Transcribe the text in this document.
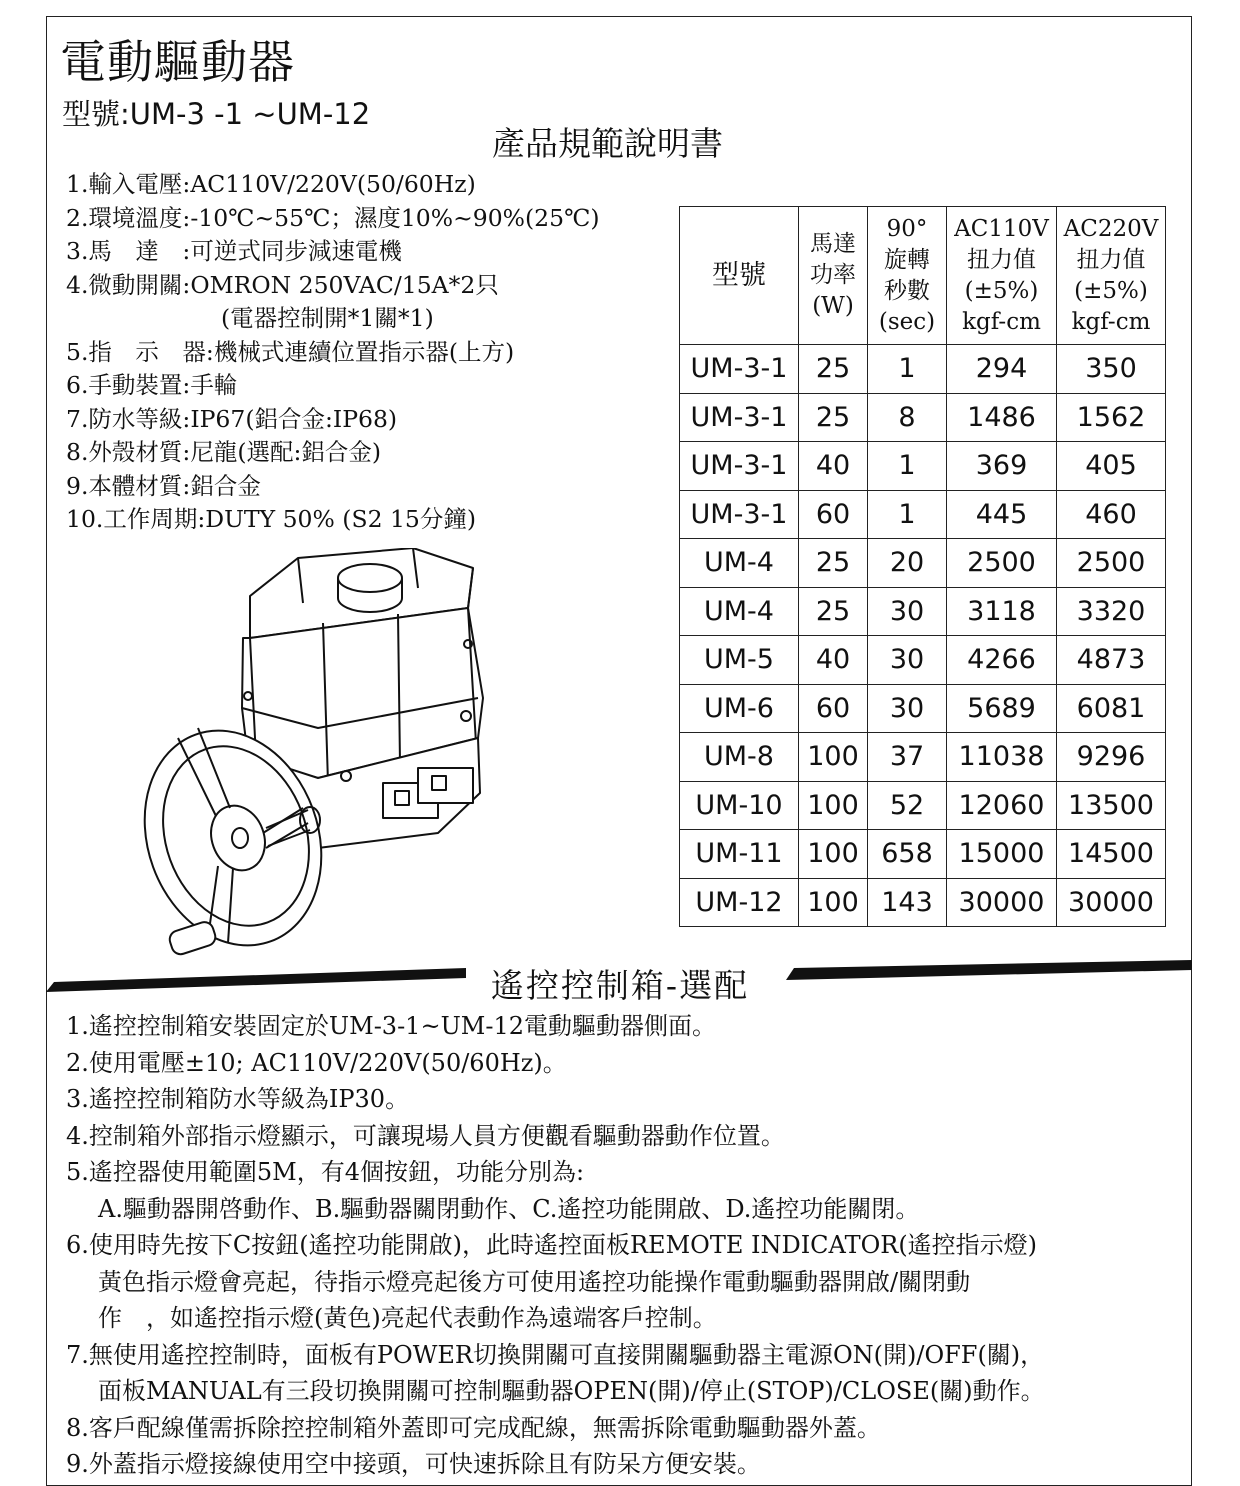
電動驅動器
型號:UM-3 -1 ~UM-12
產品規範說明書
1.輸入電壓:AC110V/220V(50/60Hz)
2.環境溫度:-10℃~55℃；濕度10%~90%(25℃)
3.馬　達　:可逆式同步減速電機
4.微動開關:OMRON 250VAC/15A*2只
(電器控制開*1關*1)
5.指　示　器:機械式連續位置指示器(上方)
6.手動裝置:手輪
7.防水等級:IP67(鋁合金:IP68)
8.外殼材質:尼龍(選配:鋁合金)
9.本體材質:鋁合金
10.工作周期:DUTY 50% (S2 15分鐘)
型號	馬達
功率
(W)	90°
旋轉
秒數
(sec)	AC110V
扭力值
(±5%)
kgf-cm	AC220V
扭力值
(±5%)
kgf-cm
UM-3-1	25	1	294	350
UM-3-1	25	8	1486	1562
UM-3-1	40	1	369	405
UM-3-1	60	1	445	460
UM-4	25	20	2500	2500
UM-4	25	30	3118	3320
UM-5	40	30	4266	4873
UM-6	60	30	5689	6081
UM-8	100	37	11038	9296
UM-10	100	52	12060	13500
UM-11	100	658	15000	14500
UM-12	100	143	30000	30000
遙控控制箱-選配
1.遙控控制箱安裝固定於UM-3-1~UM-12電動驅動器側面。
2.使用電壓±10; AC110V/220V(50/60Hz)。
3.遙控控制箱防水等級為IP30。
4.控制箱外部指示燈顯示，可讓現場人員方便觀看驅動器動作位置。
5.遙控器使用範圍5M，有4個按鈕，功能分別為:
A.驅動器開啓動作、B.驅動器關閉動作、C.遙控功能開啟、D.遙控功能關閉。
6.使用時先按下C按鈕(遙控功能開啟)，此時遙控面板REMOTE INDICATOR(遙控指示燈)
黃色指示燈會亮起，待指示燈亮起後方可使用遙控功能操作電動驅動器開啟/關閉動
作　，如遙控指示燈(黃色)亮起代表動作為遠端客戶控制。
7.無使用遙控控制時，面板有POWER切換開關可直接開關驅動器主電源ON(開)/OFF(關)，
面板MANUAL有三段切換開關可控制驅動器OPEN(開)/停止(STOP)/CLOSE(關)動作。
8.客戶配線僅需拆除控控制箱外蓋即可完成配線，無需拆除電動驅動器外蓋。
9.外蓋指示燈接線使用空中接頭，可快速拆除且有防呆方便安裝。
